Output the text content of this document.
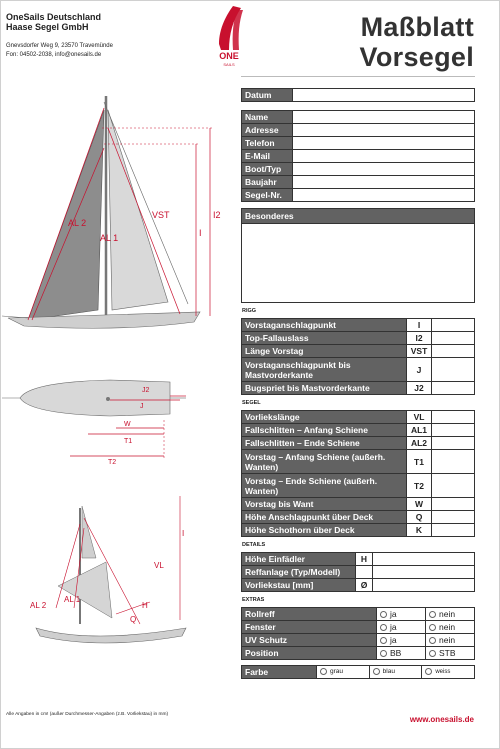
OneSails Deutschland
Haase Segel GmbH
Gnevsdorfer Weg 9, 23570 Travemünde
Fon: 04502-2038, info@onesails.de	ONE
SAILS
Maßblatt
Vorsegel
AL 2
AL 1
VST	I2
I
J2
J
W
T1
T2
I
VL
AL 2
AL 1
H
Q
Datum	
Name	
Adresse	
Telefon	
E-Mail	
Boot/Typ	
Baujahr	
Segel-Nr.	
Besonderes
RIGG
Vorstaganschlagpunkt	I	
Top-Fallauslass	I2	
Länge Vorstag	VST	
Vorstaganschlagpunkt bis Mastvorderkante	J	
Bugspriet bis Mastvorderkante	J2	
SEGEL
Vorliekslänge	VL	
Fallschlitten – Anfang Schiene	AL1	
Fallschlitten – Ende Schiene	AL2	
Vorstag – Anfang Schiene (außerh. Wanten)	T1	
Vorstag – Ende Schiene (außerh. Wanten)	T2	
Vorstag bis Want	W	
Höhe Anschlagpunkt über Deck	Q	
Höhe Schothorn über Deck	K	
DETAILS
Höhe Einfädler	H	
Reffanlage (Typ/Modell)		
Vorliekstau [mm]	Ø	
EXTRAS
Rollreff	ja	nein
Fenster	ja	nein
UV Schutz	ja	nein
Position	BB	STB
Farbe	grau	blau	weiss
Alle Angaben in cm! (außer Durchmesser-Angaben (z.B. Vorliekstau) in mm)
www.onesails.de
